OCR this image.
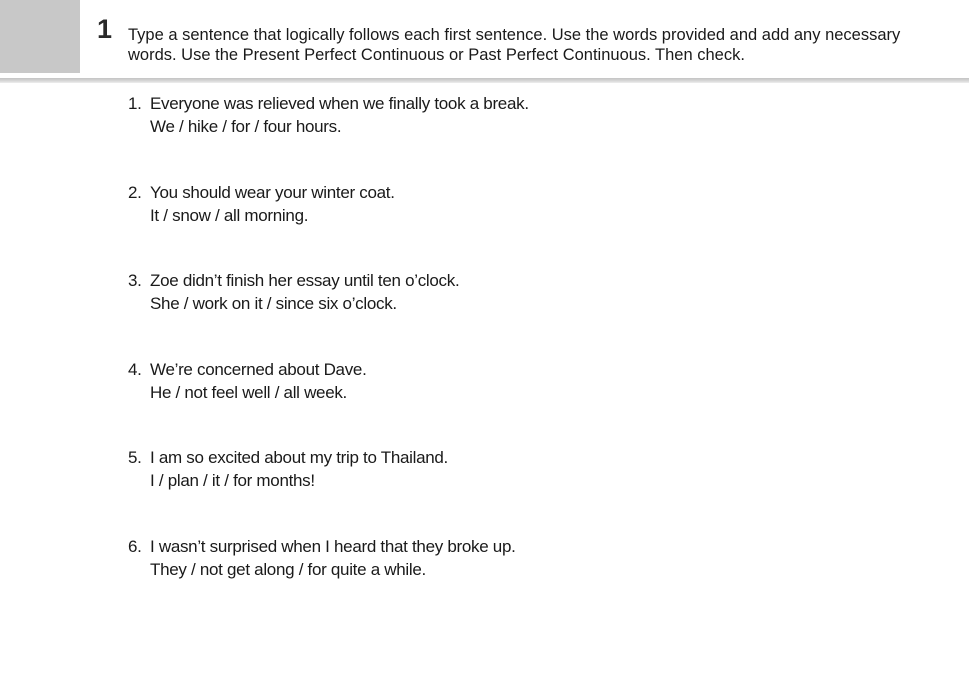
1 Type a sentence that logically follows each first sentence. Use the words provided and add any necessary words. Use the Present Perfect Continuous or Past Perfect Continuous. Then check.
1. Everyone was relieved when we finally took a break.
We / hike / for / four hours.
2. You should wear your winter coat.
It / snow / all morning.
3. Zoe didn’t finish her essay until ten o’clock.
She / work on it / since six o’clock.
4. We’re concerned about Dave.
He / not feel well / all week.
5. I am so excited about my trip to Thailand.
I / plan / it / for months!
6. I wasn’t surprised when I heard that they broke up.
They / not get along / for quite a while.
